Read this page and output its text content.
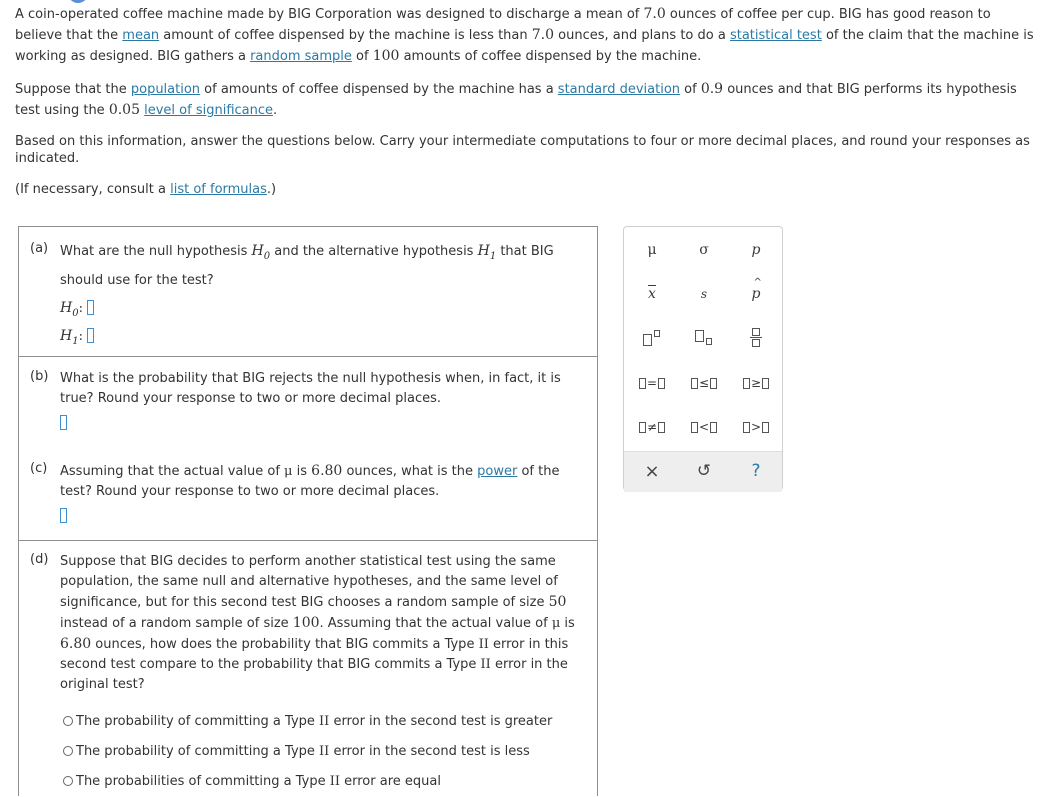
A coin-operated coffee machine made by BIG Corporation was designed to discharge a mean of 7.0 ounces of coffee per cup. BIG has good reason to believe that the mean amount of coffee dispensed by the machine is less than 7.0 ounces, and plans to do a statistical test of the claim that the machine is working as designed. BIG gathers a random sample of 100 amounts of coffee dispensed by the machine.

Suppose that the population of amounts of coffee dispensed by the machine has a standard deviation of 0.9 ounces and that BIG performs its hypothesis test using the 0.05 level of significance.

Based on this information, answer the questions below. Carry your intermediate computations to four or more decimal places, and round your responses as indicated.

(If necessary, consult a list of formulas.)

(a) What are the null hypothesis $H_0$ and the alternative hypothesis $H_1$ that BIG
should use for the test?
$H_0$:
$H_1$:
(b) What is the probability that BIG rejects the null hypothesis when, in fact, it is
true? Round your response to two or more decimal places.
(c) Assuming that the actual value of μ is 6.80 ounces, what is the power of the
test? Round your response to two or more decimal places.
(d) Suppose that BIG decides to perform another statistical test using the same
population, the same null and alternative hypotheses, and the same level of
significance, but for this second test BIG chooses a random sample of size 50
instead of a random sample of size 100. Assuming that the actual value of μ is
6.80 ounces, how does the probability that BIG commits a Type II error in this
second test compare to the probability that BIG commits a Type II error in the
original test?
The probability of committing a Type II error in the second test is greater
The probability of committing a Type II error in the second test is less
The probabilities of committing a Type II error are equal
μ	σ	p
$\overline{x}$	s
^
p
=	≤	≥
≠	<	>
× ↺ ?
